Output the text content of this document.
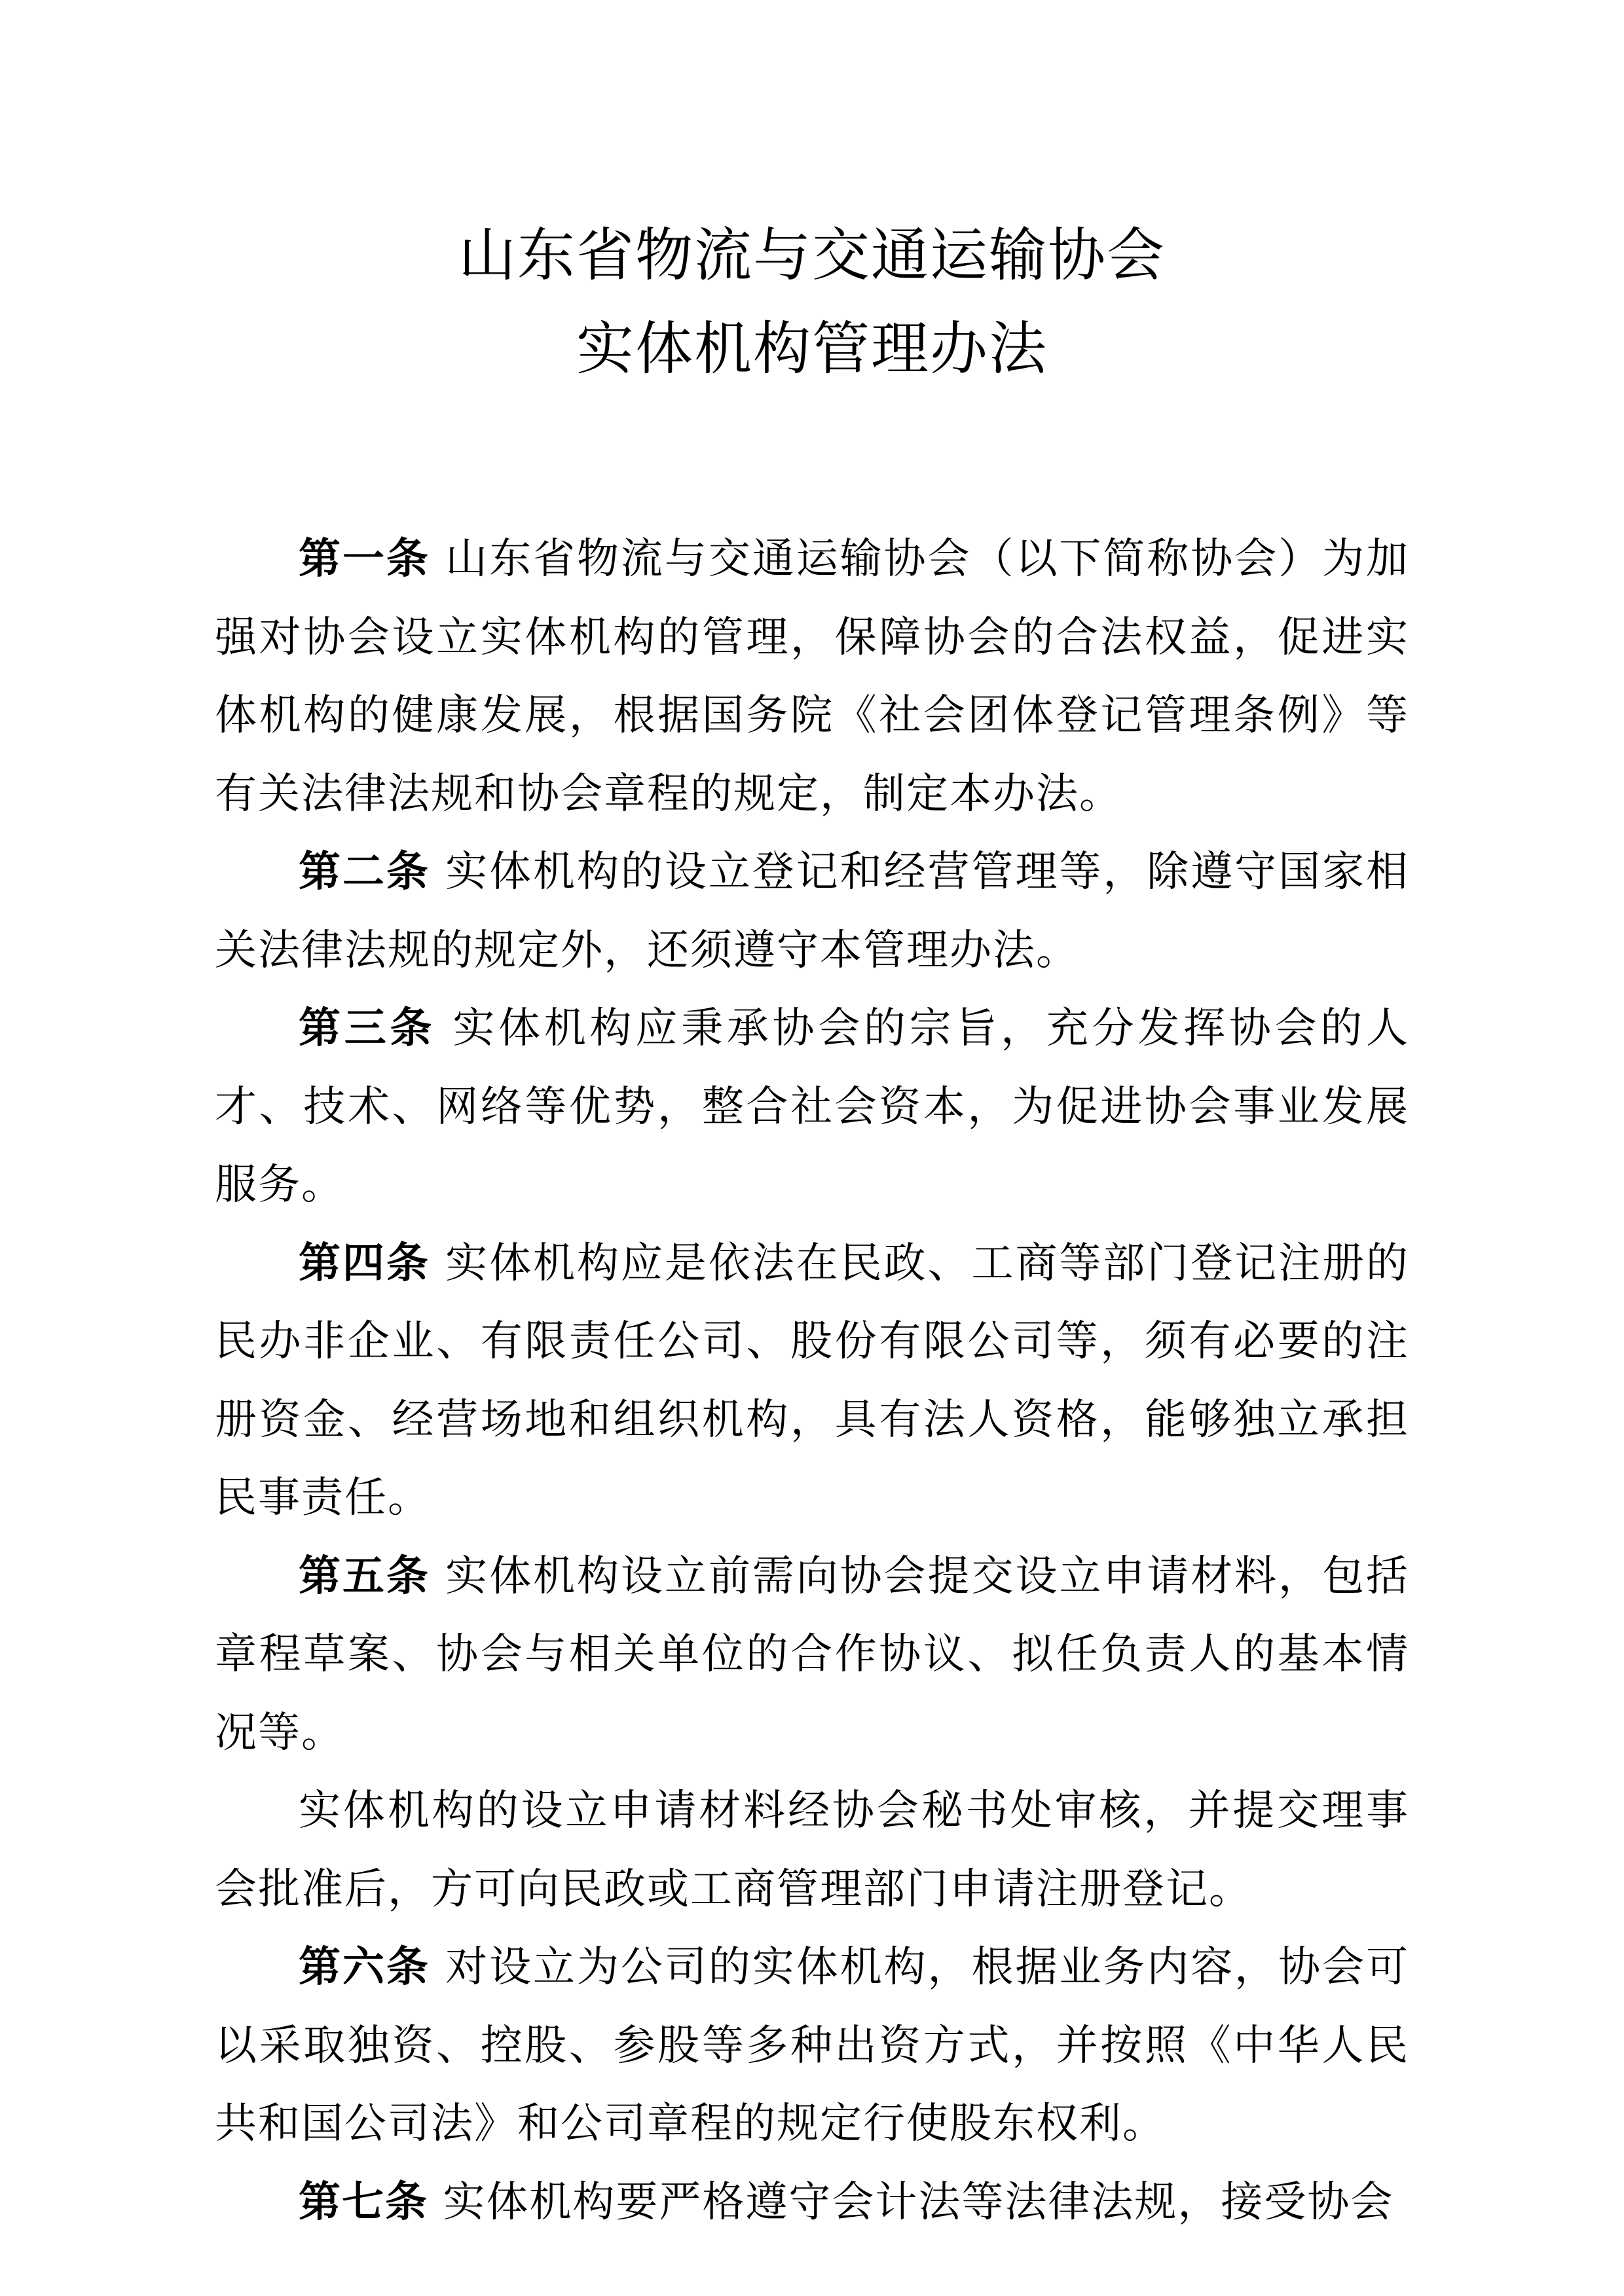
山东省物流与交通运输协会
实体机构管理办法

第一条 山东省物流与交通运输协会（以下简称协会）为加强对协会设立实体机构的管理，保障协会的合法权益，促进实体机构的健康发展，根据国务院《社会团体登记管理条例》等有关法律法规和协会章程的规定，制定本办法。

第二条 实体机构的设立登记和经营管理等，除遵守国家相关法律法规的规定外，还须遵守本管理办法。

第三条 实体机构应秉承协会的宗旨，充分发挥协会的人才、技术、网络等优势，整合社会资本，为促进协会事业发展服务。

第四条 实体机构应是依法在民政、工商等部门登记注册的民办非企业、有限责任公司、股份有限公司等，须有必要的注册资金、经营场地和组织机构，具有法人资格，能够独立承担民事责任。

第五条 实体机构设立前需向协会提交设立申请材料，包括章程草案、协会与相关单位的合作协议、拟任负责人的基本情况等。

实体机构的设立申请材料经协会秘书处审核，并提交理事会批准后，方可向民政或工商管理部门申请注册登记。

第六条 对设立为公司的实体机构，根据业务内容，协会可以采取独资、控股、参股等多种出资方式，并按照《中华人民共和国公司法》和公司章程的规定行使股东权利。

第七条 实体机构要严格遵守会计法等法律法规，接受协会
